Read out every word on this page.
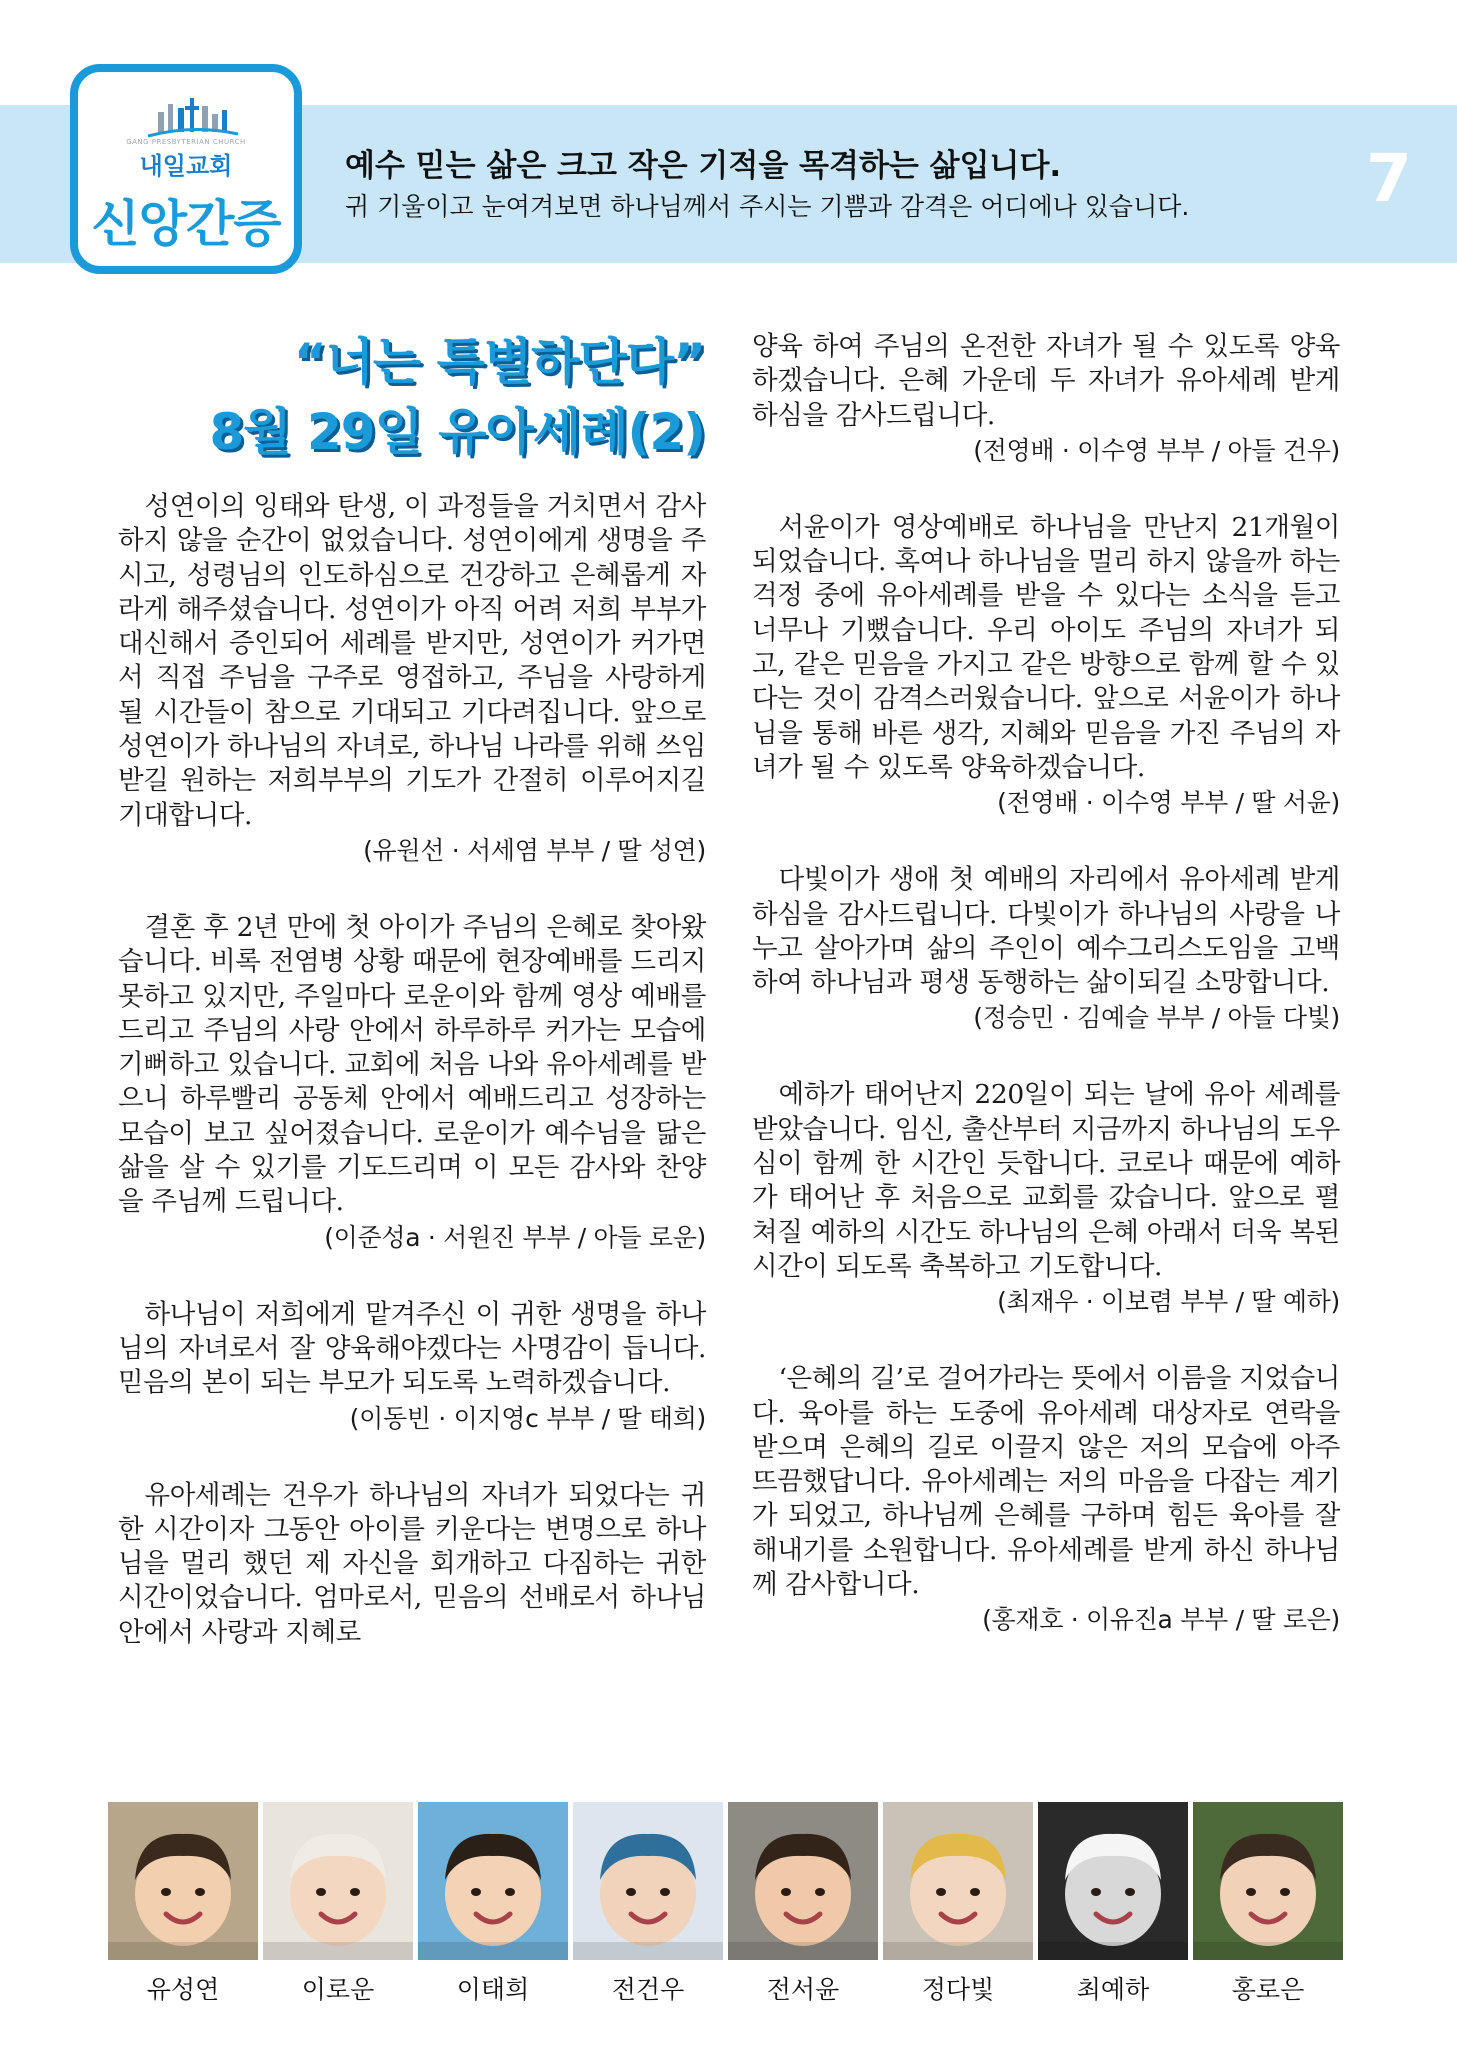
GANG PRESBYTERIAN CHURCH
내일교회
신앙간증
예수 믿는 삶은 크고 작은 기적을 목격하는 삶입니다.
귀 기울이고 눈여겨보면 하나님께서 주시는 기쁨과 감격은 어디에나 있습니다.	7
“너는 특별하단다”
8월 29일 유아세례(2)
성연이의 잉태와 탄생, 이 과정들을 거치면서 감사하지 않을 순간이 없었습니다. 성연이에게 생명을 주시고, 성령님의 인도하심으로 건강하고 은혜롭게 자라게 해주셨습니다. 성연이가 아직 어려 저희 부부가 대신해서 증인되어 세례를 받지만, 성연이가 커가면서 직접 주님을 구주로 영접하고, 주님을 사랑하게 될 시간들이 참으로 기대되고 기다려집니다. 앞으로 성연이가 하나님의 자녀로, 하나님 나라를 위해 쓰임받길 원하는 저희부부의 기도가 간절히 이루어지길 기대합니다.
(유원선 · 서세염 부부 / 딸 성연)
결혼 후 2년 만에 첫 아이가 주님의 은혜로 찾아왔습니다. 비록 전염병 상황 때문에 현장예배를 드리지 못하고 있지만, 주일마다 로운이와 함께 영상 예배를 드리고 주님의 사랑 안에서 하루하루 커가는 모습에 기뻐하고 있습니다. 교회에 처음 나와 유아세례를 받으니 하루빨리 공동체 안에서 예배드리고 성장하는 모습이 보고 싶어졌습니다. 로운이가 예수님을 닮은 삶을 살 수 있기를 기도드리며 이 모든 감사와 찬양을 주님께 드립니다.
(이준성a · 서원진 부부 / 아들 로운)
하나님이 저희에게 맡겨주신 이 귀한 생명을 하나님의 자녀로서 잘 양육해야겠다는 사명감이 듭니다. 믿음의 본이 되는 부모가 되도록 노력하겠습니다.
(이동빈 · 이지영c 부부 / 딸 태희)
유아세례는 건우가 하나님의 자녀가 되었다는 귀한 시간이자 그동안 아이를 키운다는 변명으로 하나님을 멀리 했던 제 자신을 회개하고 다짐하는 귀한 시간이었습니다. 엄마로서, 믿음의 선배로서 하나님 안에서 사랑과 지혜로
양육 하여 주님의 온전한 자녀가 될 수 있도록 양육하겠습니다. 은혜 가운데 두 자녀가 유아세례 받게 하심을 감사드립니다.
(전영배 · 이수영 부부 / 아들 건우)
서윤이가 영상예배로 하나님을 만난지 21개월이 되었습니다. 혹여나 하나님을 멀리 하지 않을까 하는 걱정 중에 유아세례를 받을 수 있다는 소식을 듣고 너무나 기뻤습니다. 우리 아이도 주님의 자녀가 되고, 같은 믿음을 가지고 같은 방향으로 함께 할 수 있다는 것이 감격스러웠습니다. 앞으로 서윤이가 하나님을 통해 바른 생각, 지혜와 믿음을 가진 주님의 자녀가 될 수 있도록 양육하겠습니다.
(전영배 · 이수영 부부 / 딸 서윤)
다빛이가 생애 첫 예배의 자리에서 유아세례 받게 하심을 감사드립니다. 다빛이가 하나님의 사랑을 나누고 살아가며 삶의 주인이 예수그리스도임을 고백하여 하나님과 평생 동행하는 삶이되길 소망합니다.
(정승민 · 김예슬 부부 / 아들 다빛)
예하가 태어난지 220일이 되는 날에 유아 세례를 받았습니다. 임신, 출산부터 지금까지 하나님의 도우심이 함께 한 시간인 듯합니다. 코로나 때문에 예하가 태어난 후 처음으로 교회를 갔습니다. 앞으로 펼쳐질 예하의 시간도 하나님의 은혜 아래서 더욱 복된 시간이 되도록 축복하고 기도합니다.
(최재우 · 이보렴 부부 / 딸 예하)
‘은혜의 길’로 걸어가라는 뜻에서 이름을 지었습니다. 육아를 하는 도중에 유아세례 대상자로 연락을 받으며 은혜의 길로 이끌지 않은 저의 모습에 아주 뜨끔했답니다. 유아세례는 저의 마음을 다잡는 계기가 되었고, 하나님께 은혜를 구하며 힘든 육아를 잘 해내기를 소원합니다. 유아세례를 받게 하신 하나님께 감사합니다.
(홍재호 · 이유진a 부부 / 딸 로은)
유성연	이로운	이태희	전건우	전서윤	정다빛	최예하	홍로은
